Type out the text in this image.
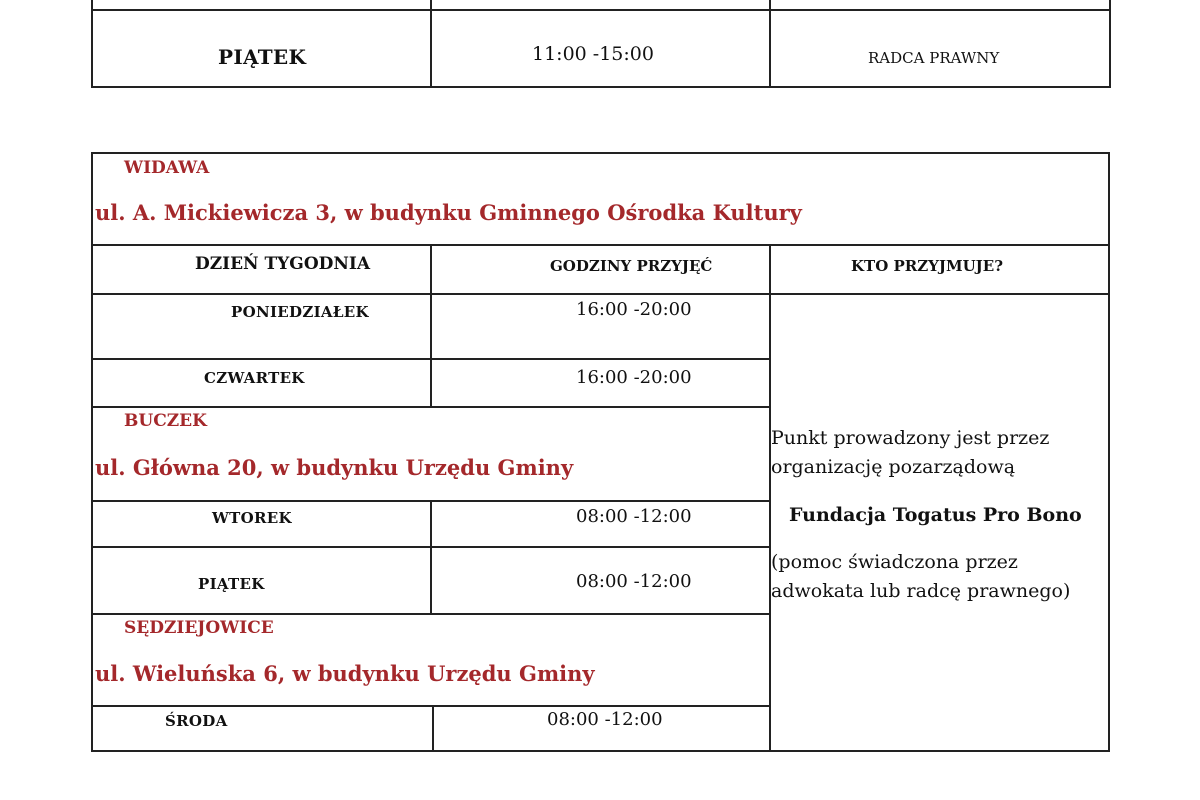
PIĄTEK	11:00 -15:00	RADCA PRAWNY
WIDAWA
ul. A. Mickiewicza 3, w budynku Gminnego Ośrodka Kultury
DZIEŃ TYGODNIA	GODZINY PRZYJĘĆ	KTO PRZYJMUJE?
PONIEDZIAŁEK	16:00 -20:00
CZWARTEK	16:00 -20:00
BUCZEK
ul. Główna 20, w budynku Urzędu Gminy
WTOREK	08:00 -12:00
PIĄTEK	08:00 -12:00
SĘDZIEJOWICE
ul. Wieluńska 6, w budynku Urzędu Gminy
ŚRODA	08:00 -12:00
Punkt prowadzony jest przez
organizację pozarządową
Fundacja Togatus Pro Bono
(pomoc świadczona przez
adwokata lub radcę prawnego)
